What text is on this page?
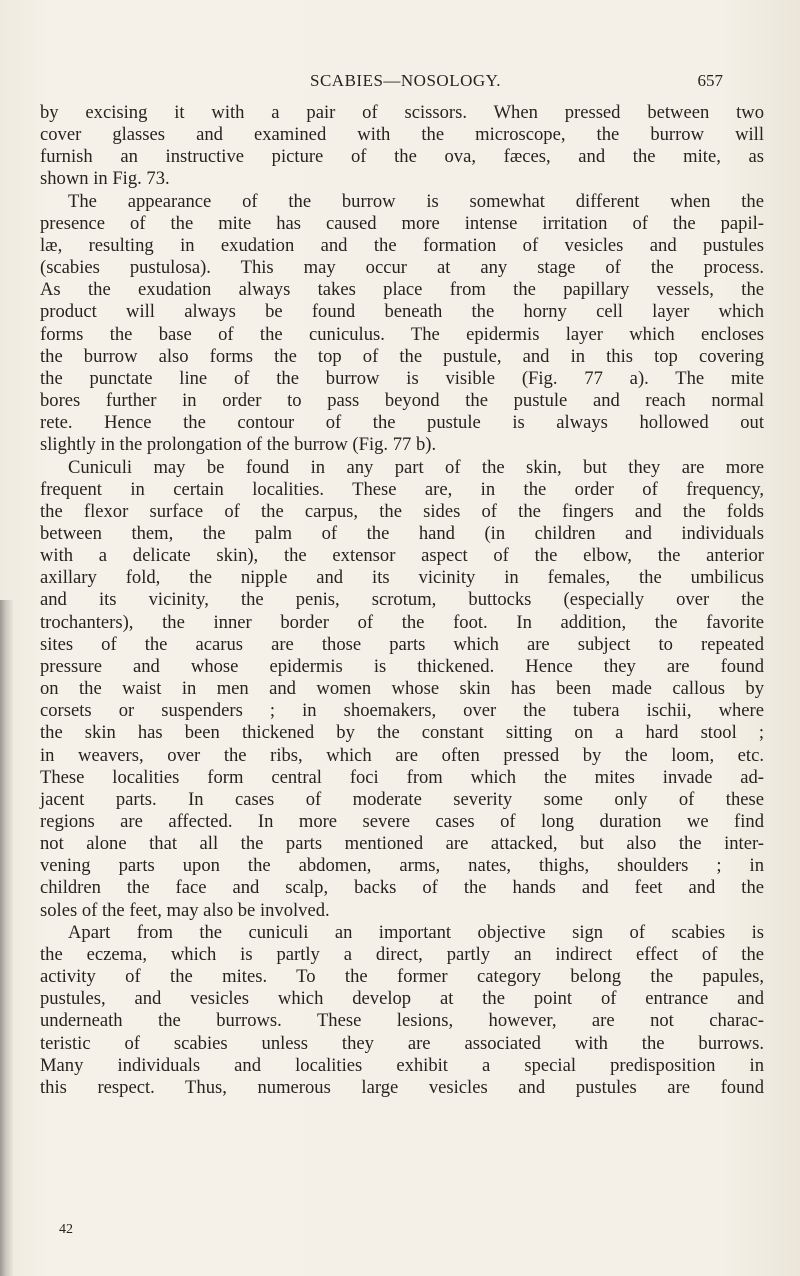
SCABIES—NOSOLOGY.	657

by excising it with a pair of scissors. When pressed between two
cover glasses and examined with the microscope, the burrow will
furnish an instructive picture of the ova, fæces, and the mite, as
shown in Fig. 73.

The appearance of the burrow is somewhat different when the
presence of the mite has caused more intense irritation of the papil-
læ, resulting in exudation and the formation of vesicles and pustules
(scabies pustulosa). This may occur at any stage of the process.
As the exudation always takes place from the papillary vessels, the
product will always be found beneath the horny cell layer which
forms the base of the cuniculus. The epidermis layer which encloses
the burrow also forms the top of the pustule, and in this top covering
the punctate line of the burrow is visible (Fig. 77 a). The mite
bores further in order to pass beyond the pustule and reach normal
rete. Hence the contour of the pustule is always hollowed out
slightly in the prolongation of the burrow (Fig. 77 b).

Cuniculi may be found in any part of the skin, but they are more
frequent in certain localities. These are, in the order of frequency,
the flexor surface of the carpus, the sides of the fingers and the folds
between them, the palm of the hand (in children and individuals
with a delicate skin), the extensor aspect of the elbow, the anterior
axillary fold, the nipple and its vicinity in females, the umbilicus
and its vicinity, the penis, scrotum, buttocks (especially over the
trochanters), the inner border of the foot. In addition, the favorite
sites of the acarus are those parts which are subject to repeated
pressure and whose epidermis is thickened. Hence they are found
on the waist in men and women whose skin has been made callous by
corsets or suspenders ; in shoemakers, over the tubera ischii, where
the skin has been thickened by the constant sitting on a hard stool ;
in weavers, over the ribs, which are often pressed by the loom, etc.
These localities form central foci from which the mites invade ad-
jacent parts. In cases of moderate severity some only of these
regions are affected. In more severe cases of long duration we find
not alone that all the parts mentioned are attacked, but also the inter-
vening parts upon the abdomen, arms, nates, thighs, shoulders ; in
children the face and scalp, backs of the hands and feet and the
soles of the feet, may also be involved.

Apart from the cuniculi an important objective sign of scabies is
the eczema, which is partly a direct, partly an indirect effect of the
activity of the mites. To the former category belong the papules,
pustules, and vesicles which develop at the point of entrance and
underneath the burrows. These lesions, however, are not charac-
teristic of scabies unless they are associated with the burrows.
Many individuals and localities exhibit a special predisposition in
this respect. Thus, numerous large vesicles and pustules are found

42
